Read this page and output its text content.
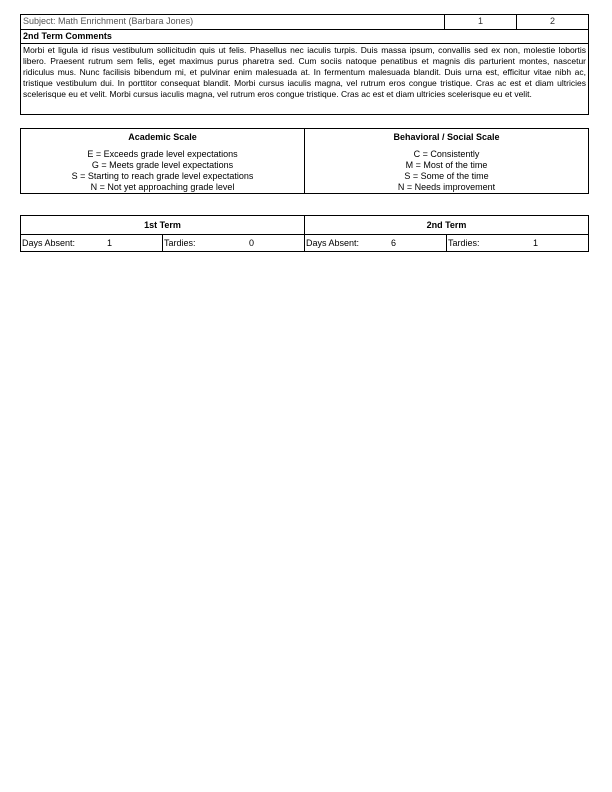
Subject: Math Enrichment (Barbara Jones)	1	2
2nd Term Comments
Morbi et ligula id risus vestibulum sollicitudin quis ut felis. Phasellus nec iaculis turpis. Duis massa ipsum, convallis sed ex non, molestie lobortis libero. Praesent rutrum sem felis, eget maximus purus pharetra sed. Cum sociis natoque penatibus et magnis dis parturient montes, nascetur ridiculus mus. Nunc facilisis bibendum mi, et pulvinar enim malesuada at. In fermentum malesuada blandit. Duis urna est, efficitur vitae nibh ac, tristique vestibulum dui. In porttitor consequat blandit. Morbi cursus iaculis magna, vel rutrum eros congue tristique. Cras ac est et diam ultricies scelerisque eu et velit. Morbi cursus iaculis magna, vel rutrum eros congue tristique. Cras ac est et diam ultricies scelerisque eu et velit.
Academic Scale
E = Exceeds grade level expectations
G = Meets grade level expectations
S = Starting to reach grade level expectations
N = Not yet approaching grade level
Behavioral / Social Scale
C = Consistently
M = Most of the time
S = Some of the time
N = Needs improvement
1st Term	2nd Term
Days Absent:	1	Tardies:	0	Days Absent:	6	Tardies:	1
